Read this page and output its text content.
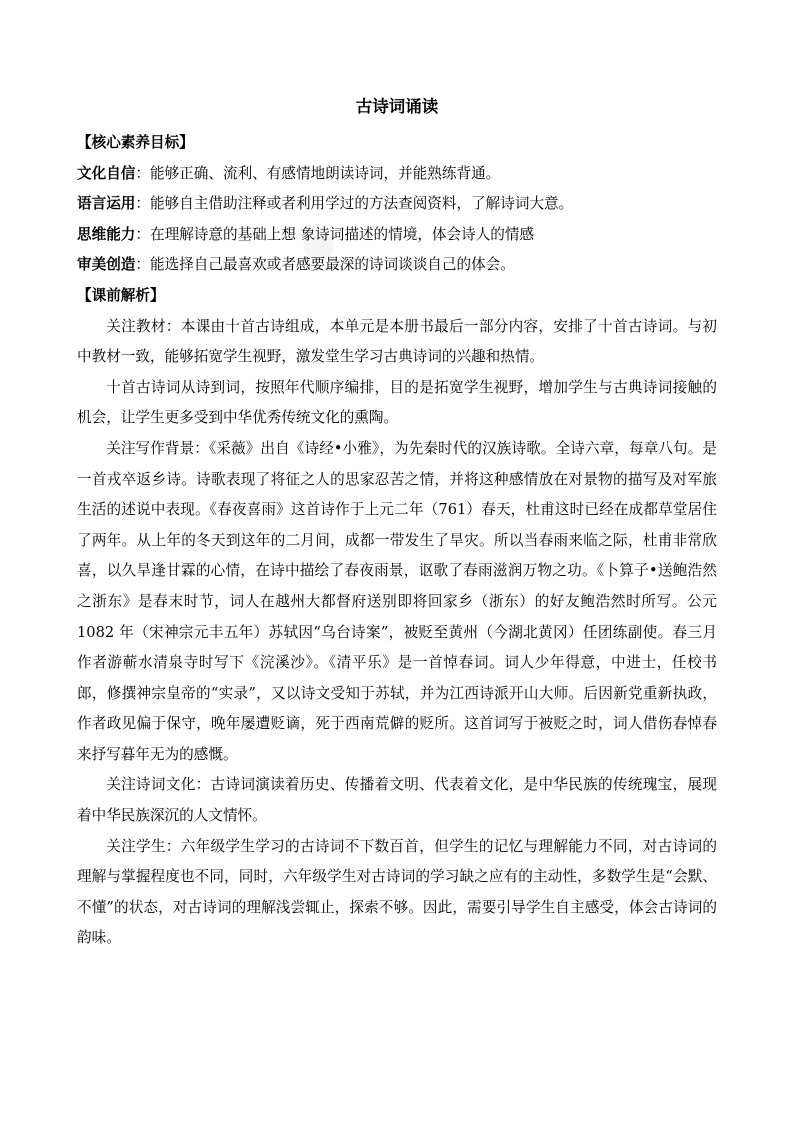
古诗词诵读

【核心素养目标】

文化自信：能够正确、流利、有感情地朗读诗词，并能熟练背通。

语言运用：能够自主借助注释或者利用学过的方法查阅资料，了解诗词大意。

思维能力：在理解诗意的基础上想 象诗词描述的情境，体会诗人的情感

审美创造：能选择自己最喜欢或者感要最深的诗词谈谈自己的体会。

【课前解析】

关注教材：本课由十首古诗组成，本单元是本册书最后一部分内容，安排了十首古诗词。与初中教材一致，能够拓宽学生视野，激发堂生学习古典诗词的兴趣和热情。

十首古诗词从诗到词，按照年代顺序编排，目的是拓宽学生视野，增加学生与古典诗词接触的机会，让学生更多受到中华优秀传统文化的熏陶。

关注写作背景：《采薇》出自《诗经•小雅》，为先秦时代的汉族诗歌。全诗六章，每章八句。是一首戎卒返乡诗。诗歌表现了将征之人的思家忍苦之情，并将这种感情放在对景物的描写及对军旅生活的述说中表现。《春夜喜雨》这首诗作于上元二年（761）春天，杜甫这时已经在成都草堂居住了两年。从上年的冬天到这年的二月间，成都一带发生了旱灾。所以当春雨来临之际，杜甫非常欣喜，以久旱逢甘霖的心情，在诗中描绘了春夜雨景，讴歌了春雨滋润万物之功。《卜算子•送鲍浩然之浙东》是春末时节，词人在越州大都督府送别即将回家乡（浙东）的好友鲍浩然时所写。公元 1082 年（宋神宗元丰五年）苏轼因“乌台诗案”，被贬至黄州（今湖北黄冈）任团练副使。春三月作者游蕲水清泉寺时写下《浣溪沙》。《清平乐》是一首悼春词。词人少年得意，中进士，任校书郎，修撰神宗皇帝的“实录”，又以诗文受知于苏轼，并为江西诗派开山大师。后因新党重新执政，作者政见偏于保守，晚年屡遭贬谪，死于西南荒僻的贬所。这首词写于被贬之时，词人借伤春悼春来抒写暮年无为的感慨。

关注诗词文化：古诗词演读着历史、传播着文明、代表着文化，是中华民族的传统瑰宝，展现着中华民族深沉的人文情怀。

关注学生：六年级学生学习的古诗词不下数百首，但学生的记忆与理解能力不同，对古诗词的理解与掌握程度也不同，同时，六年级学生对古诗词的学习缺之应有的主动性，多数学生是“会默、不懂”的状态，对古诗词的理解浅尝辄止，探索不够。因此，需要引导学生自主感受，体会古诗词的韵味。
